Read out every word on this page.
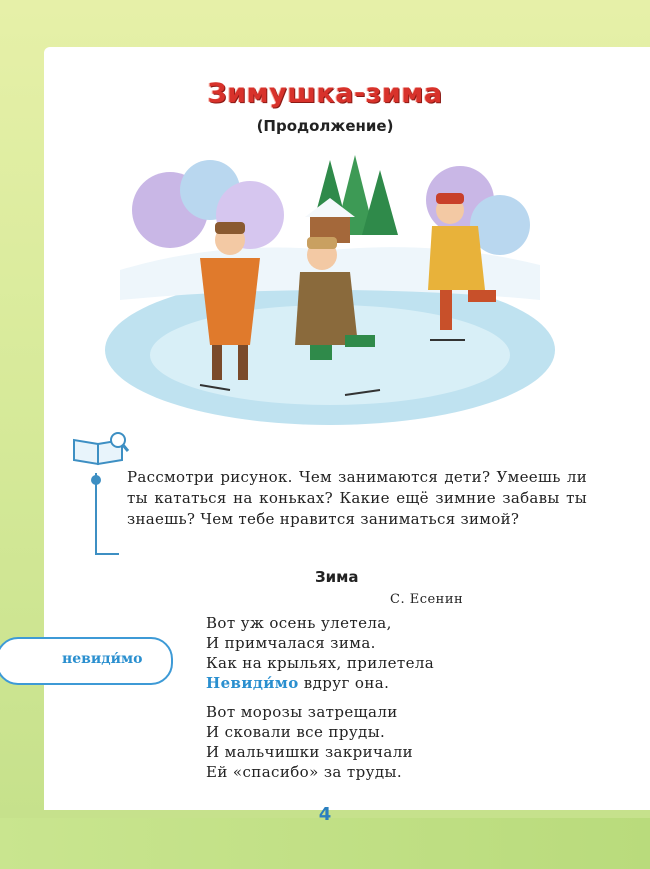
Зимушка-зима
(Продолжение)
Рассмотри рисунок. Чем занимаются дети? Умеешь ли ты кататься на коньках? Какие ещё зимние забавы ты знаешь? Чем тебе нравится заниматься зимой?
Зима
С. Есенин
невиди́мо
Вот уж осень улетела,
И примчалася зима.
Как на крыльях, прилетела
Невиди́мо вдруг она.
Вот морозы затрещали
И сковали все пруды.
И мальчишки закричали
Ей «спасибо» за труды.
4
